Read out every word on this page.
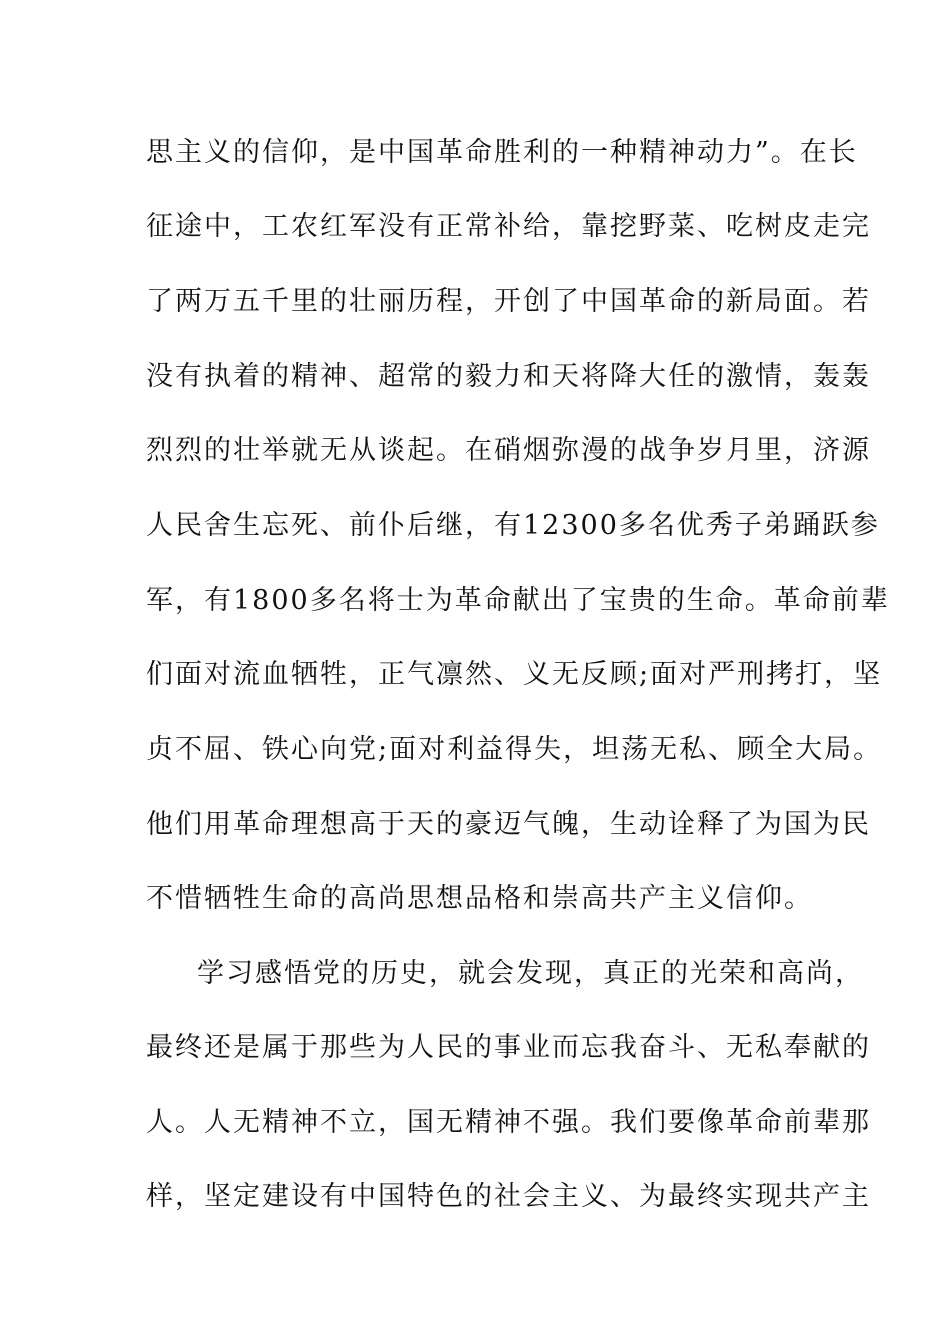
思主义的信仰，是中国革命胜利的一种精神动力”。在长
征途中，工农红军没有正常补给，靠挖野菜、吃树皮走完
了两万五千里的壮丽历程，开创了中国革命的新局面。若
没有执着的精神、超常的毅力和天将降大任的激情，轰轰
烈烈的壮举就无从谈起。在硝烟弥漫的战争岁月里，济源
人民舍生忘死、前仆后继，有12300多名优秀子弟踊跃参
军，有1800多名将士为革命献出了宝贵的生命。革命前辈
们面对流血牺牲，正气凛然、义无反顾;面对严刑拷打，坚
贞不屈、铁心向党;面对利益得失，坦荡无私、顾全大局。
他们用革命理想高于天的豪迈气魄，生动诠释了为国为民
不惜牺牲生命的高尚思想品格和崇高共产主义信仰。
学习感悟党的历史，就会发现，真正的光荣和高尚，
最终还是属于那些为人民的事业而忘我奋斗、无私奉献的
人。人无精神不立，国无精神不强。我们要像革命前辈那
样，坚定建设有中国特色的社会主义、为最终实现共产主
